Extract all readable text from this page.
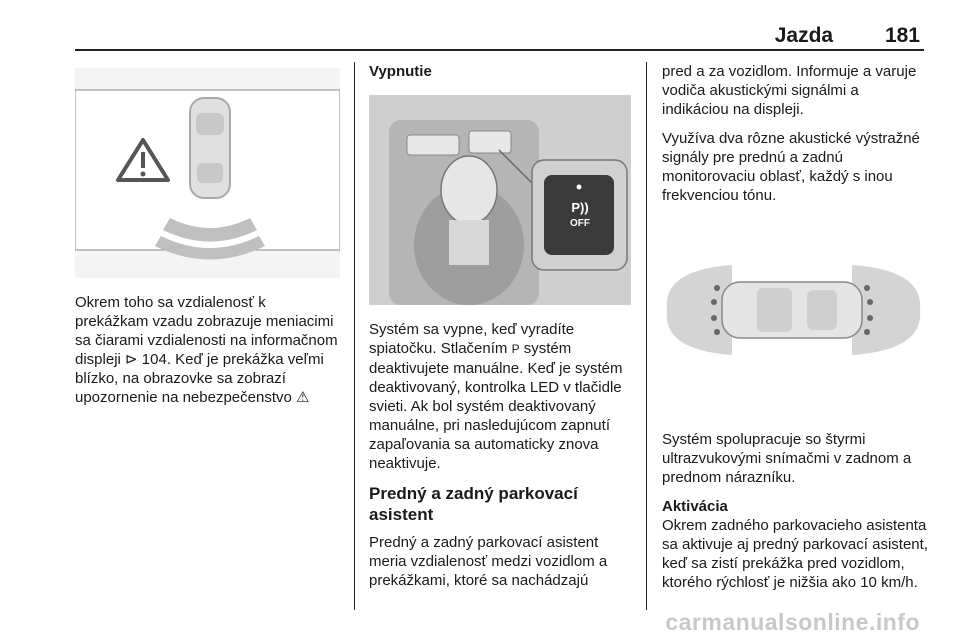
Jazda 181

Okrem toho sa vzdialenosť k prekážkam vzadu zobrazuje meniacimi sa čiarami vzdialenosti na informačnom displeji ⊳ 104. Keď je prekážka veľmi blízko, na obrazovke sa zobrazí upozornenie na nebezpečenstvo ⚠

Vypnutie
P))
OFF

Systém sa vypne, keď vyradíte spiatočku. Stlačením P systém deaktivujete manuálne. Keď je systém deaktivovaný, kontrolka LED v tlačidle svieti. Ak bol systém deaktivovaný manuálne, pri nasledujúcom zapnutí zapaľovania sa automaticky znova neaktivuje.

Predný a zadný parkovací asistent

Predný a zadný parkovací asistent meria vzdialenosť medzi vozidlom a prekážkami, ktoré sa nachádzajú

pred a za vozidlom. Informuje a varuje vodiča akustickými signálmi a indikáciou na displeji.

Využíva dva rôzne akustické výstražné signály pre prednú a zadnú monitorovaciu oblasť, každý s inou frekvenciou tónu.

Systém spolupracuje so štyrmi ultrazvukovými snímačmi v zadnom a prednom nárazníku.

Aktivácia

Okrem zadného parkovacieho asistenta sa aktivuje aj predný parkovací asistent, keď sa zistí prekážka pred vozidlom, ktorého rýchlosť je nižšia ako 10 km/h.

carmanualsonline.info
